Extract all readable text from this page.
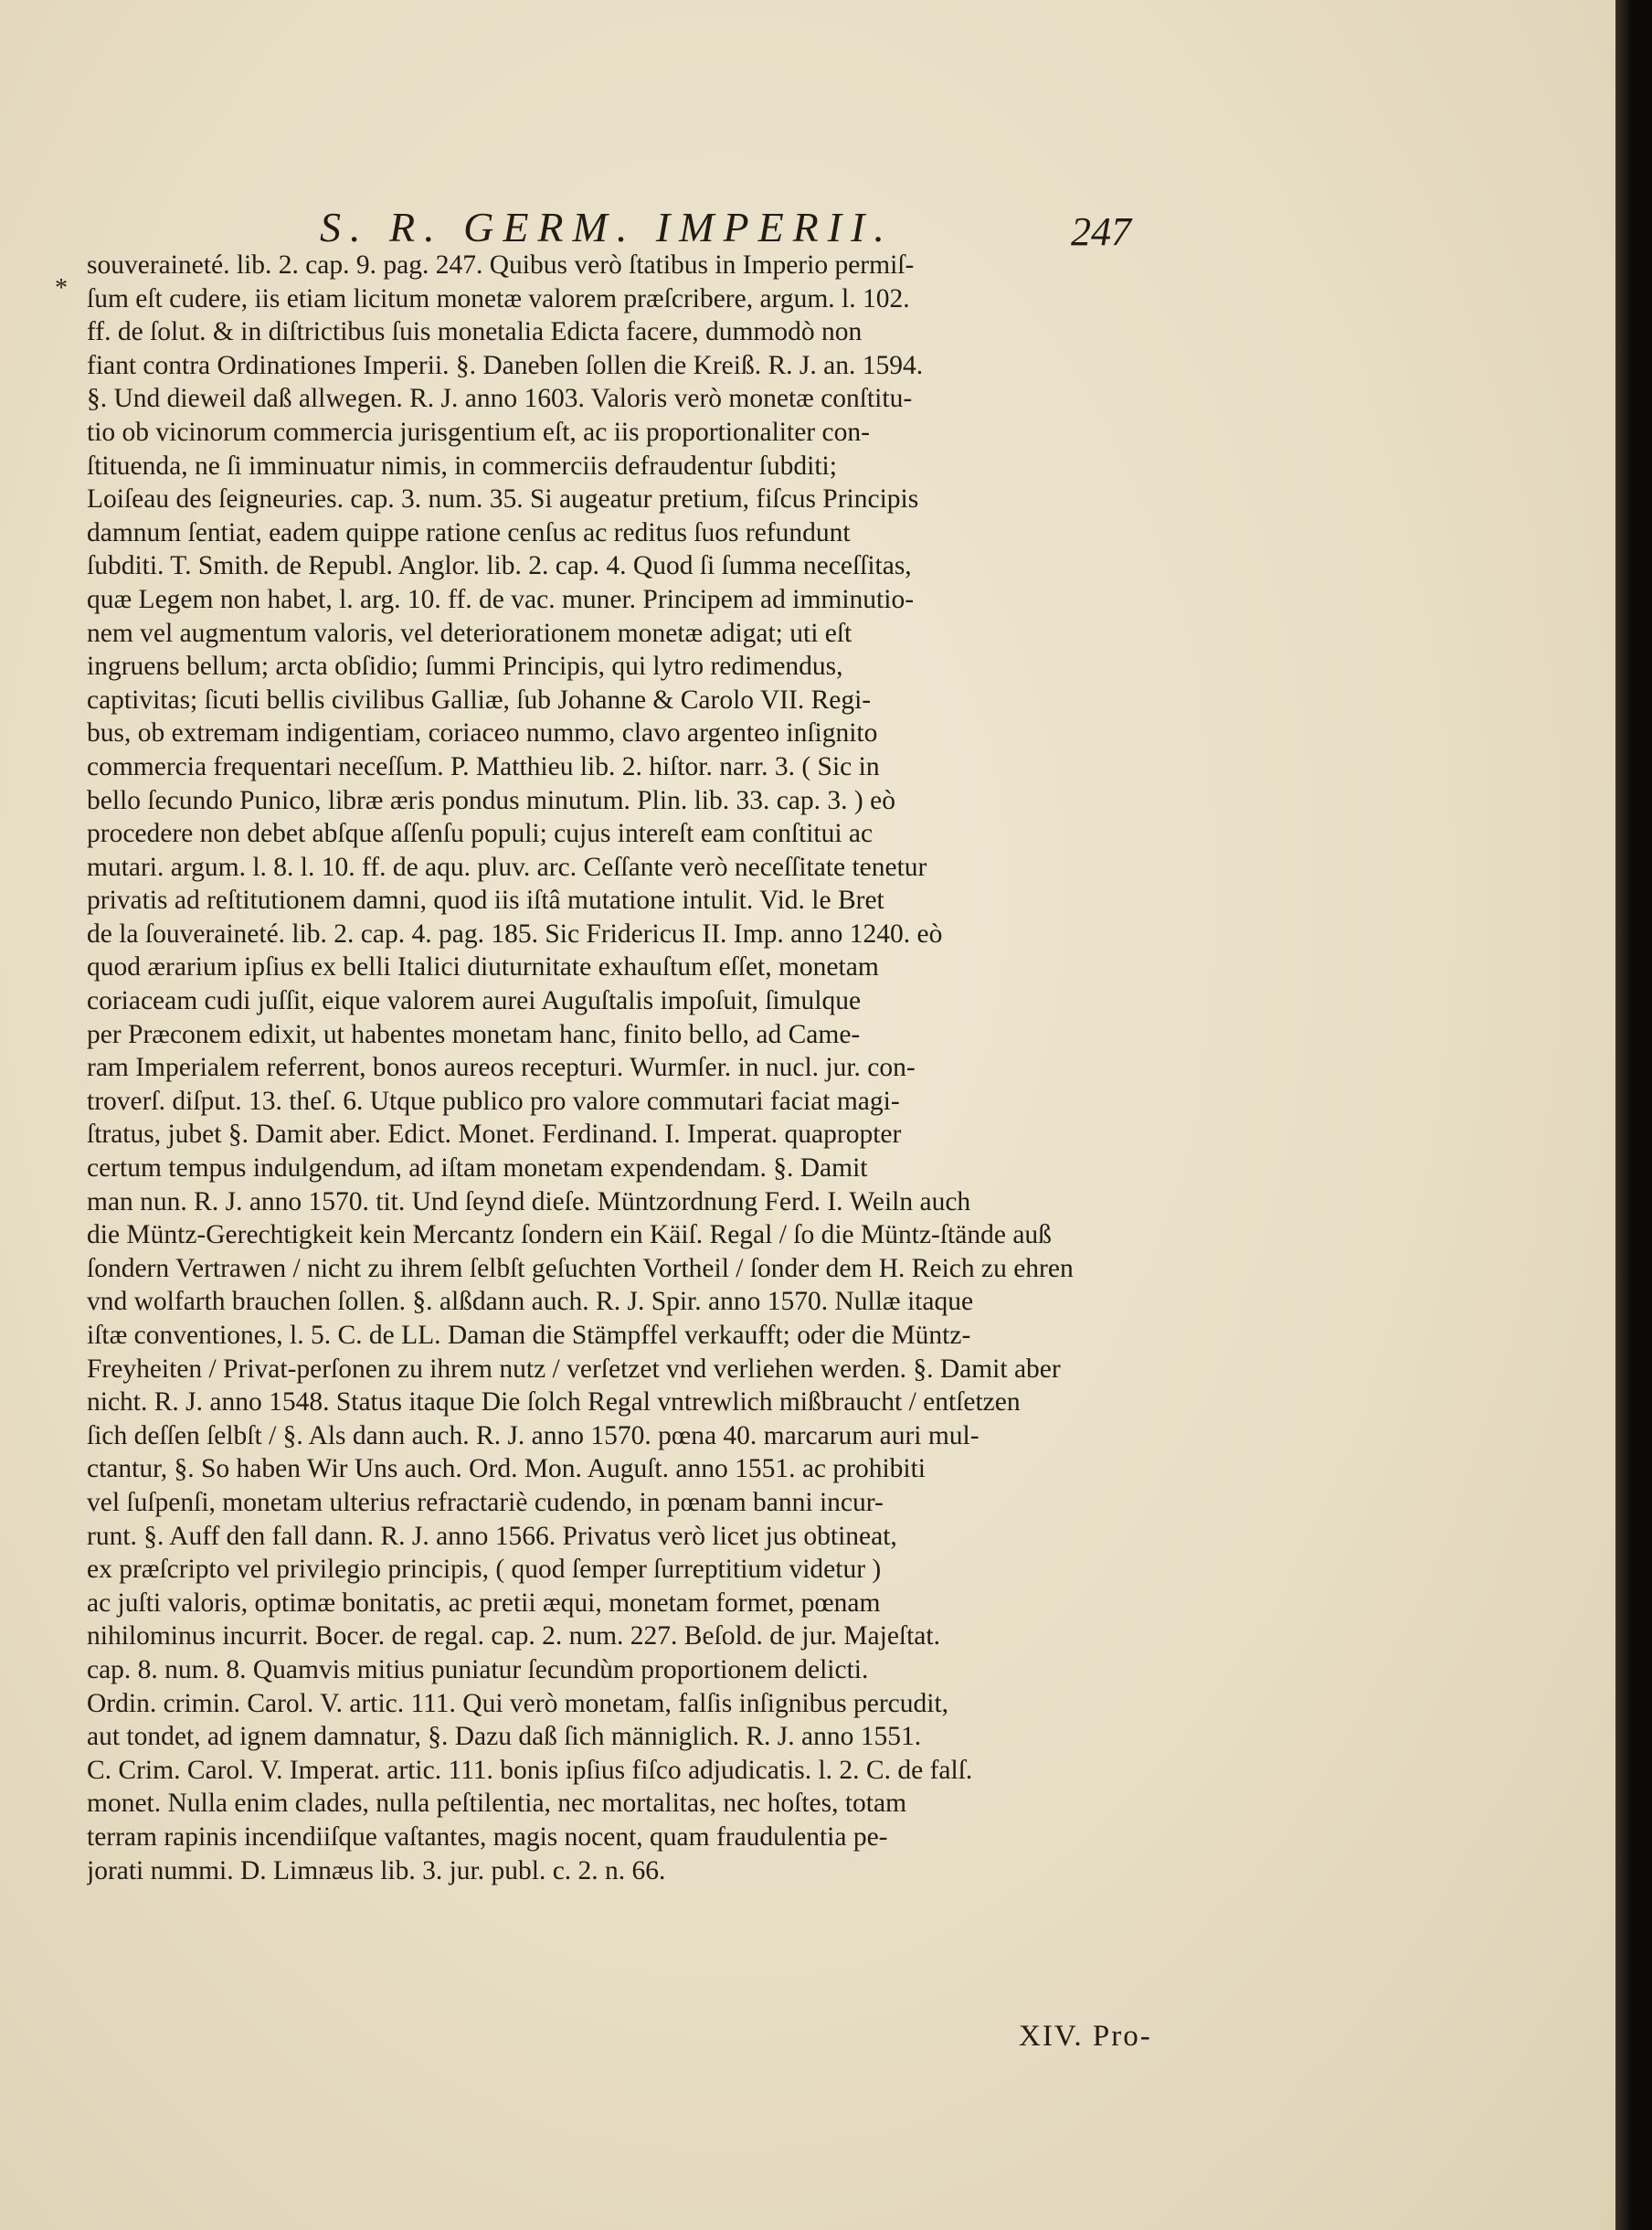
S. R. GERM. IMPERII.	247
*
souveraineté. lib. 2. cap. 9. pag. 247. Quibus verò ſtatibus in Imperio permiſ-
ſum eſt cudere, iis etiam licitum monetæ valorem præſcribere, argum. l. 102.
ff. de ſolut. & in diſtrictibus ſuis monetalia Edicta facere, dummodò non
fiant contra Ordinationes Imperii. §. Daneben ſollen die Kreiß. R. J. an. 1594.
§. Und dieweil daß allwegen. R. J. anno 1603. Valoris verò monetæ conſtitu-
tio ob vicinorum commercia jurisgentium eſt, ac iis proportionaliter con-
ſtituenda, ne ſi imminuatur nimis, in commerciis defraudentur ſubditi;
Loiſeau des ſeigneuries. cap. 3. num. 35. Si augeatur pretium, fiſcus Principis
damnum ſentiat, eadem quippe ratione cenſus ac reditus ſuos refundunt
ſubditi. T. Smith. de Republ. Anglor. lib. 2. cap. 4. Quod ſi ſumma neceſſitas,
quæ Legem non habet, l. arg. 10. ff. de vac. muner. Principem ad imminutio-
nem vel augmentum valoris, vel deteriorationem monetæ adigat; uti eſt
ingruens bellum; arcta obſidio; ſummi Principis, qui lytro redimendus,
captivitas; ſicuti bellis civilibus Galliæ, ſub Johanne & Carolo VII. Regi-
bus, ob extremam indigentiam, coriaceo nummo, clavo argenteo inſignito
commercia frequentari neceſſum. P. Matthieu lib. 2. hiſtor. narr. 3. ( Sic in
bello ſecundo Punico, libræ æris pondus minutum. Plin. lib. 33. cap. 3. ) eò
procedere non debet abſque aſſenſu populi; cujus intereſt eam conſtitui ac
mutari. argum. l. 8. l. 10. ff. de aqu. pluv. arc. Ceſſante verò neceſſitate tenetur
privatis ad reſtitutionem damni, quod iis iſtâ mutatione intulit. Vid. le Bret
de la ſouveraineté. lib. 2. cap. 4. pag. 185. Sic Fridericus II. Imp. anno 1240. eò
quod ærarium ipſius ex belli Italici diuturnitate exhauſtum eſſet, monetam
coriaceam cudi juſſit, eique valorem aurei Auguſtalis impoſuit, ſimulque
per Præconem edixit, ut habentes monetam hanc, finito bello, ad Came-
ram Imperialem referrent, bonos aureos recepturi. Wurmſer. in nucl. jur. con-
troverſ. diſput. 13. theſ. 6. Utque publico pro valore commutari faciat magi-
ſtratus, jubet §. Damit aber. Edict. Monet. Ferdinand. I. Imperat. quapropter
certum tempus indulgendum, ad iſtam monetam expendendam. §. Damit
man nun. R. J. anno 1570. tit. Und ſeynd dieſe. Müntzordnung Ferd. I. Weiln auch
die Müntz-Gerechtigkeit kein Mercantz ſondern ein Käiſ. Regal / ſo die Müntz-ſtände auß
ſondern Vertrawen / nicht zu ihrem ſelbſt geſuchten Vortheil / ſonder dem H. Reich zu ehren
vnd wolfarth brauchen ſollen. §. alßdann auch. R. J. Spir. anno 1570. Nullæ itaque
iſtæ conventiones, l. 5. C. de LL. Daman die Stämpffel verkaufft; oder die Müntz-
Freyheiten / Privat-perſonen zu ihrem nutz / verſetzet vnd verliehen werden. §. Damit aber
nicht. R. J. anno 1548. Status itaque Die ſolch Regal vntrewlich mißbraucht / entſetzen
ſich deſſen ſelbſt / §. Als dann auch. R. J. anno 1570. pœna 40. marcarum auri mul-
ctantur, §. So haben Wir Uns auch. Ord. Mon. Auguſt. anno 1551. ac prohibiti
vel ſuſpenſi, monetam ulterius refractariè cudendo, in pœnam banni incur-
runt. §. Auff den fall dann. R. J. anno 1566. Privatus verò licet jus obtineat,
ex præſcripto vel privilegio principis, ( quod ſemper ſurreptitium videtur )
ac juſti valoris, optimæ bonitatis, ac pretii æqui, monetam formet, pœnam
nihilominus incurrit. Bocer. de regal. cap. 2. num. 227. Beſold. de jur. Majeſtat.
cap. 8. num. 8. Quamvis mitius puniatur ſecundùm proportionem delicti.
Ordin. crimin. Carol. V. artic. 111. Qui verò monetam, falſis inſignibus percudit,
aut tondet, ad ignem damnatur, §. Dazu daß ſich männiglich. R. J. anno 1551.
C. Crim. Carol. V. Imperat. artic. 111. bonis ipſius fiſco adjudicatis. l. 2. C. de falſ.
monet. Nulla enim clades, nulla peſtilentia, nec mortalitas, nec hoſtes, totam
terram rapinis incendiiſque vaſtantes, magis nocent, quam fraudulentia pe-
jorati nummi. D. Limnæus lib. 3. jur. publ. c. 2. n. 66.
XIV. Pro-
